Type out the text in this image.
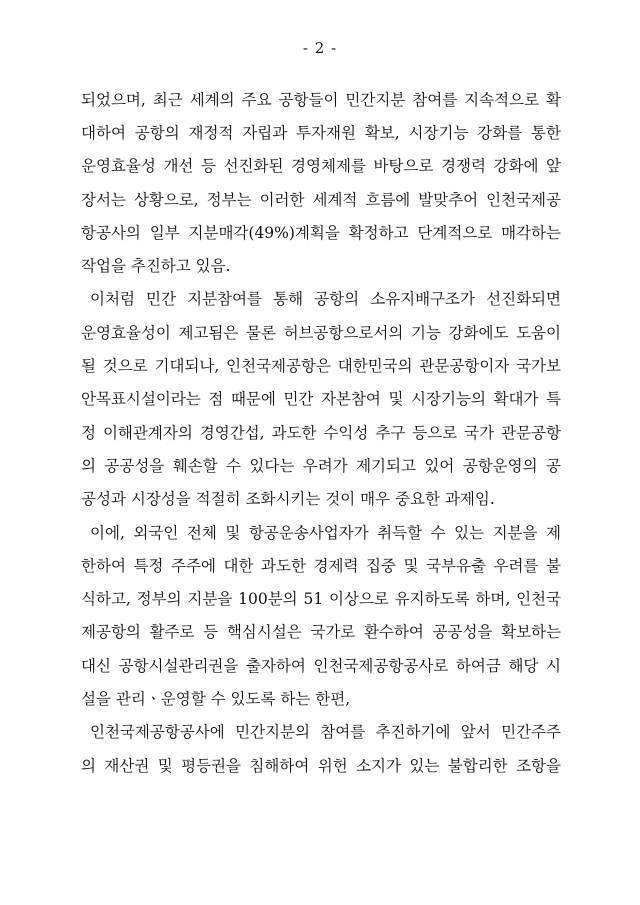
- 2 -
되었으며, 최근 세계의 주요 공항들이 민간지분 참여를 지속적으로 확
대하여 공항의 재정적 자립과 투자재원 확보, 시장기능 강화를 통한
운영효율성 개선 등 선진화된 경영체제를 바탕으로 경쟁력 강화에 앞
장서는 상황으로, 정부는 이러한 세계적 흐름에 발맞추어 인천국제공
항공사의 일부 지분매각(49%)계획을 확정하고 단계적으로 매각하는
작업을 추진하고 있음.
이처럼 민간 지분참여를 통해 공항의 소유지배구조가 선진화되면
운영효율성이 제고됨은 물론 허브공항으로서의 기능 강화에도 도움이
될 것으로 기대되나, 인천국제공항은 대한민국의 관문공항이자 국가보
안목표시설이라는 점 때문에 민간 자본참여 및 시장기능의 확대가 특
정 이해관계자의 경영간섭, 과도한 수익성 추구 등으로 국가 관문공항
의 공공성을 훼손할 수 있다는 우려가 제기되고 있어 공항운영의 공
공성과 시장성을 적절히 조화시키는 것이 매우 중요한 과제임.
이에, 외국인 전체 및 항공운송사업자가 취득할 수 있는 지분을 제
한하여 특정 주주에 대한 과도한 경제력 집중 및 국부유출 우려를 불
식하고, 정부의 지분을 100분의 51 이상으로 유지하도록 하며, 인천국
제공항의 활주로 등 핵심시설은 국가로 환수하여 공공성을 확보하는
대신 공항시설관리권을 출자하여 인천국제공항공사로 하여금 해당 시
설을 관리ㆍ운영할 수 있도록 하는 한편,
인천국제공항공사에 민간지분의 참여를 추진하기에 앞서 민간주주
의 재산권 및 평등권을 침해하여 위헌 소지가 있는 불합리한 조항을
